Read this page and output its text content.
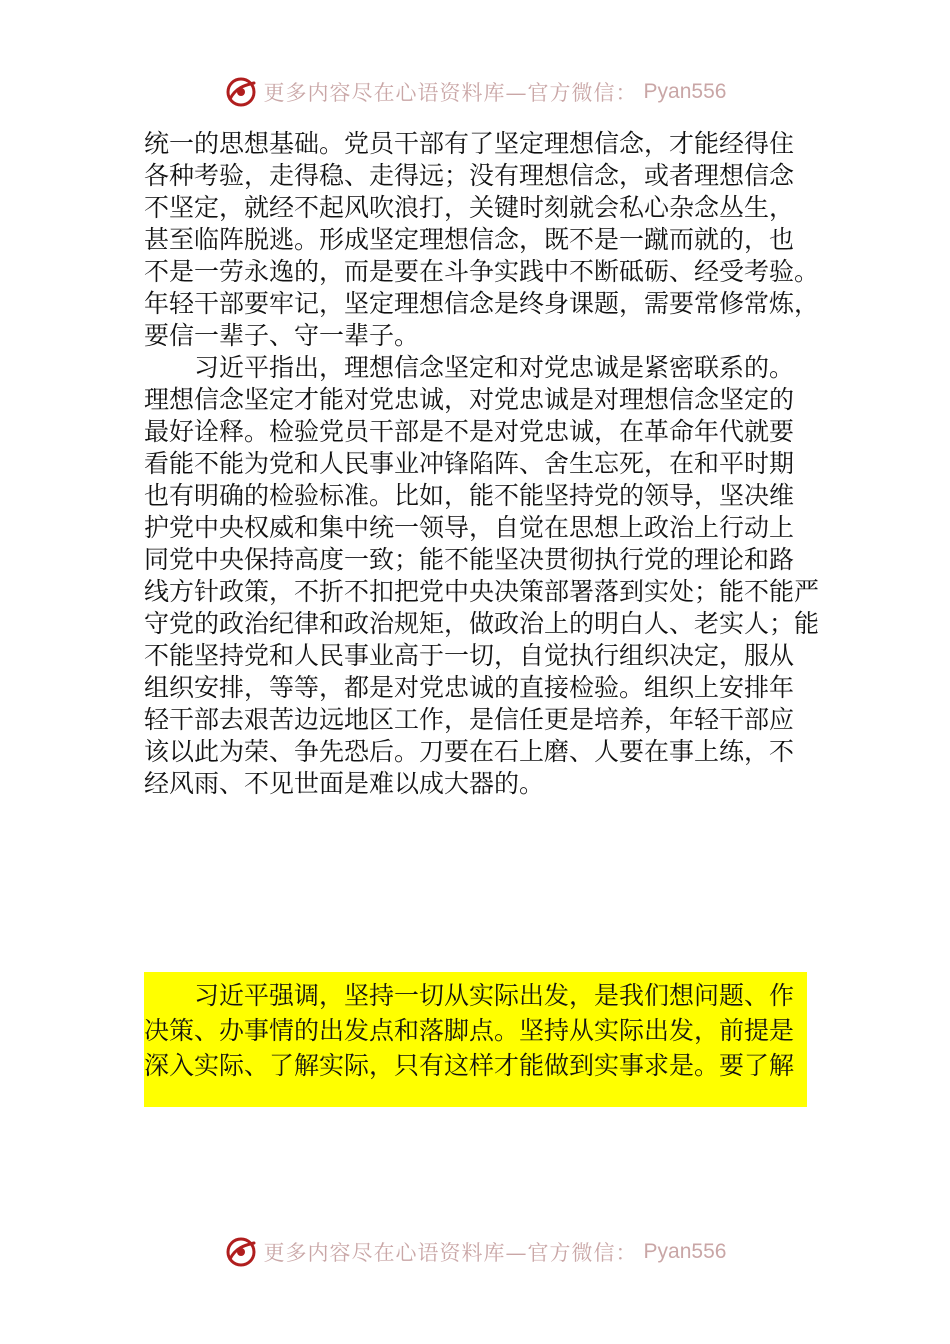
更多内容尽在心语资料库—官方微信： Pyan556
统一的思想基础。党员干部有了坚定理想信念，才能经得住
各种考验，走得稳、走得远；没有理想信念，或者理想信念
不坚定，就经不起风吹浪打，关键时刻就会私心杂念丛生，
甚至临阵脱逃。形成坚定理想信念，既不是一蹴而就的，也
不是一劳永逸的，而是要在斗争实践中不断砥砺、经受考验。
年轻干部要牢记，坚定理想信念是终身课题，需要常修常炼，
要信一辈子、守一辈子。
　　习近平指出，理想信念坚定和对党忠诚是紧密联系的。
理想信念坚定才能对党忠诚，对党忠诚是对理想信念坚定的
最好诠释。检验党员干部是不是对党忠诚，在革命年代就要
看能不能为党和人民事业冲锋陷阵、舍生忘死，在和平时期
也有明确的检验标准。比如，能不能坚持党的领导，坚决维
护党中央权威和集中统一领导，自觉在思想上政治上行动上
同党中央保持高度一致；能不能坚决贯彻执行党的理论和路
线方针政策，不折不扣把党中央决策部署落到实处；能不能严
守党的政治纪律和政治规矩，做政治上的明白人、老实人；能
不能坚持党和人民事业高于一切，自觉执行组织决定，服从
组织安排，等等，都是对党忠诚的直接检验。组织上安排年
轻干部去艰苦边远地区工作，是信任更是培养，年轻干部应
该以此为荣、争先恐后。刀要在石上磨、人要在事上练，不
经风雨、不见世面是难以成大器的。
　　习近平强调，坚持一切从实际出发，是我们想问题、作
决策、办事情的出发点和落脚点。坚持从实际出发，前提是
深入实际、了解实际，只有这样才能做到实事求是。要了解
更多内容尽在心语资料库—官方微信： Pyan556
